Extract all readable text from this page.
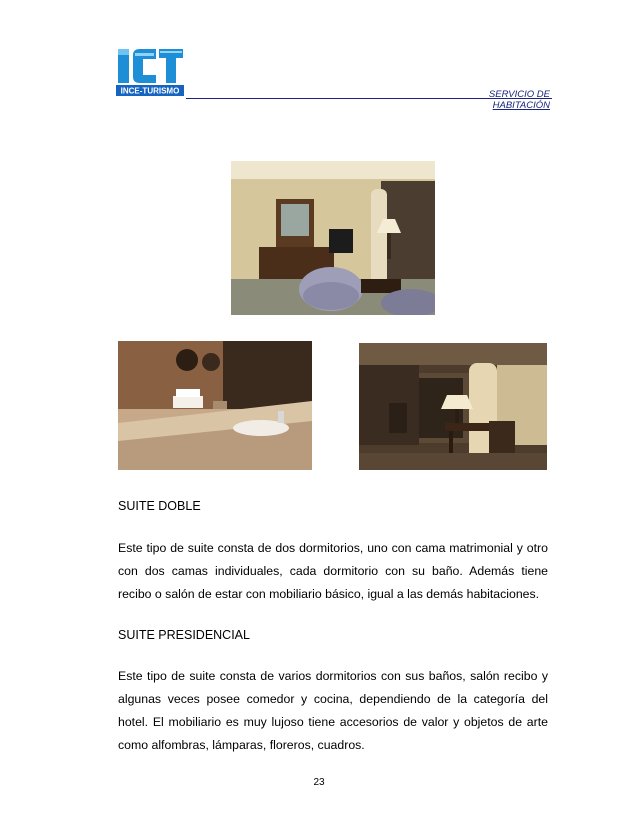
INCE-TURISMO	SERVICIO DE
HABITACIÓN
SUITE DOBLE

Este tipo de suite consta de dos dormitorios, uno con cama matrimonial y otro con dos camas individuales, cada dormitorio con su baño. Además tiene recibo o salón de estar con mobiliario básico, igual a las demás habitaciones.

SUITE PRESIDENCIAL

Este tipo de suite consta de varios dormitorios con sus baños, salón recibo y algunas veces posee comedor y cocina, dependiendo de la categoría del hotel. El mobiliario es muy lujoso tiene accesorios de valor y objetos de arte como alfombras, lámparas, floreros, cuadros.

23
